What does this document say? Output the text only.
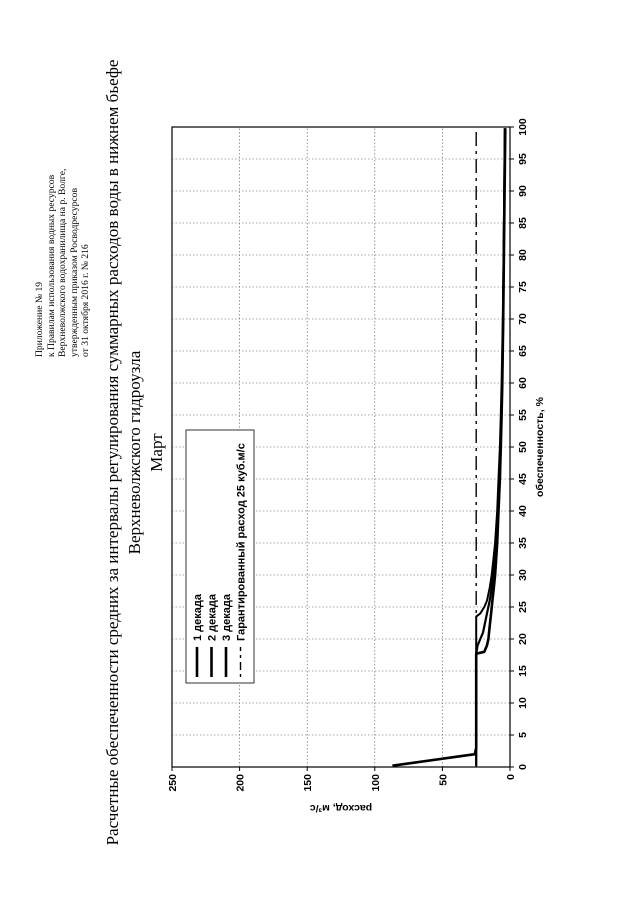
Расчетные обеспеченности средних за интервалы регулирования суммарных расходов воды в нижнем бьефе Верхневолжского гидроузла Март
Приложение № 19 к Правилам использования водных ресурсов Верхневолжского водохранилища на р. Волге, утвержденным приказом Росводресурсов от 31 октября 2016 г. № 216
0
5
10
15
20
25
30
35
40
45
50
55
60
65
70
75
80
85
90
95
100
0
50
100
150
200
250
обеспеченность, %
расход, м³/с
1 декада 2 декада 3 декада Гарантированный расход 25 куб.м/с
